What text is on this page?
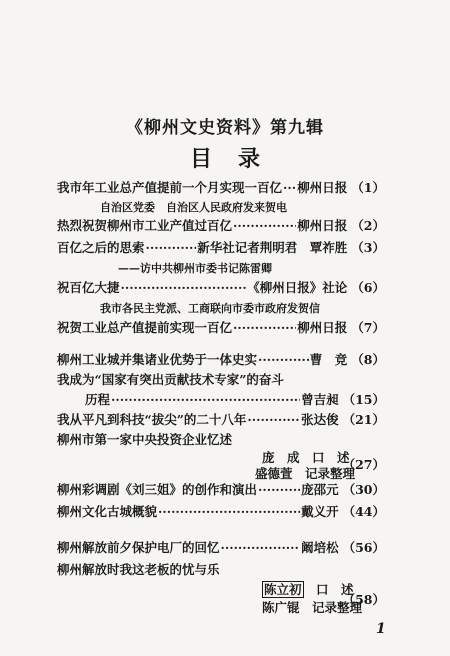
《柳州文史资料》第九辑
目录
我市年工业总产值提前一个月实现一百亿 ····· 柳州日报 （1）
自治区党委　自治区人民政府发来贺电
热烈祝贺柳州市工业产值过百亿 ·····	柳州日报 （2）
百亿之后的思索 ·····	新华社记者荆明君　覃祚胜 （3）
——访中共柳州市委书记陈雷卿
祝百亿大捷 ·····	《柳州日报》社论 （6）
我市各民主党派、工商联向市委市政府发贺信
祝贺工业总产值提前实现一百亿 ·····	柳州日报 （7）
柳州工业城并集诸业优势于一体史实 ·····	曹　竞 （8）
我成为“国家有突出贡献技术专家”的奋斗
历程 ·····	曾吉昶 （15）
我从平凡到科技“拔尖”的二十八年 ·····	张达俊 （21）
柳州市第一家中央投资企业忆述
庞　成　口　述
盛德萱　记录整理
（27）
柳州彩调剧《刘三姐》的创作和演出 ·····	庞邵元 （30）
柳州文化古城概貌 ·····	戴义开 （44）
柳州解放前夕保护电厂的回忆 ·····	阚培松 （56）
柳州解放时我这老板的忧与乐
陈立初　口　述
陈广锟　记录整理
（58）
1
